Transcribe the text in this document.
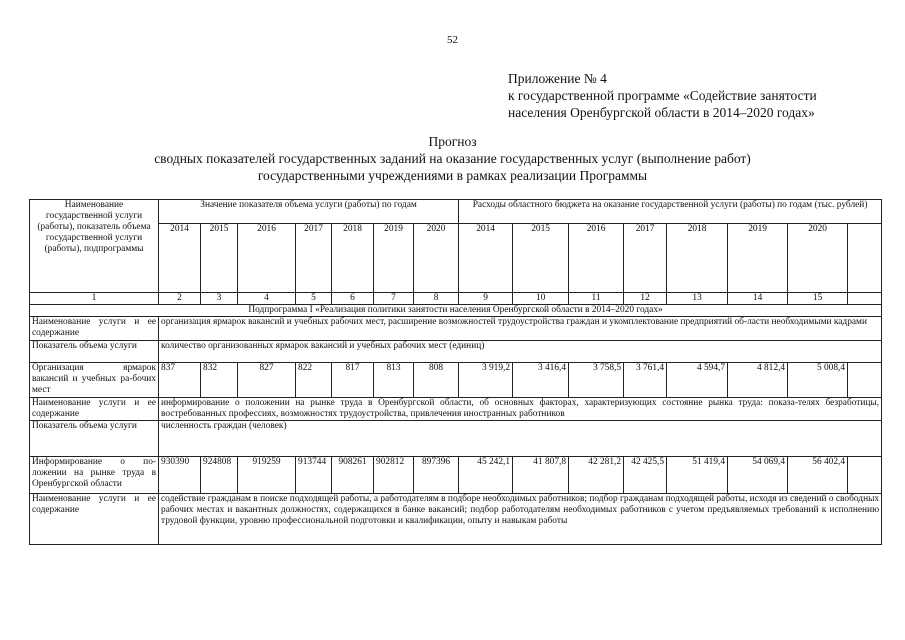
52
Приложение № 4
к государственной программе «Содействие занятости
населения Оренбургской области в 2014–2020 годах»
Прогноз
сводных показателей государственных заданий на оказание государственных услуг (выполнение работ)
государственными учреждениями в рамках реализации Программы
Наименование государственной услуги (работы), показатель объема государственной услуги (работы), подпрограммы	Значение показателя объема услуги (работы) по годам							Расходы областного бюджета на оказание государственной услуги (работы) по годам (тыс. рублей)							
	2014	2015	2016	2017	2018	2019	2020	2014	2015	2016	2017	2018	2019	2020	
1	2	3	4	5	6	7	8	9	10	11	12	13	14	15	
Подпрограмма I «Реализация политики занятости населения Оренбургской области в 2014–2020 годах»															
Наименование услуги и ее содержание	организация ярмарок вакансий и учебных рабочих мест, расширение возможностей трудоустройства граждан и укомплектование предприятий об-ласти необходимыми кадрами														
Показатель объема услуги	количество организованных ярмарок вакансий и учебных рабочих мест (единиц)														
Организация ярмарок вакансий и учебных ра-бочих мест	837	832	827	822	817	813	808	3 919,2	3 416,4	3 758,5	3 761,4	4 594,7	4 812,4	5 008,4	
Наименование услуги и ее содержание	информирование о положении на рынке труда в Оренбургской области, об основных факторах, характеризующих состояние рынка труда: показа-телях безработицы, востребованных профессиях, возможностях трудоустройства, привлечения иностранных работников														
Показатель объема услуги	численность граждан (человек)														
Информирование о по-ложении на рынке труда в Оренбургской области	930390	924808	919259	913744	908261	902812	897396	45 242,1	41 807,8	42 281,2	42 425,5	51 419,4	54 069,4	56 402,4	
Наименование услуги и ее содержание	содействие гражданам в поиске подходящей работы, а работодателям в подборе необходимых работников; подбор гражданам подходящей работы, исходя из сведений о свободных рабочих местах и вакантных должностях, содержащихся в банке вакансий; подбор работодателям необходимых работников с учетом предъявляемых требований к исполнению трудовой функции, уровню профессиональной подготовки и квалификации, опыту и навыкам работы														
